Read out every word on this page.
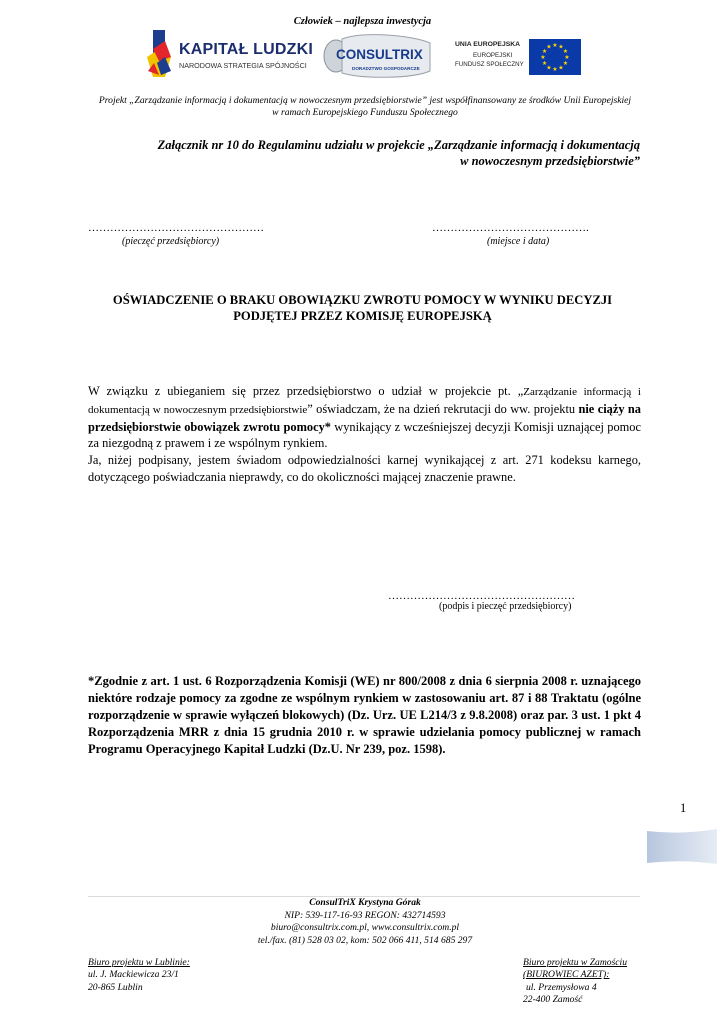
Człowiek – najlepsza inwestycja
KAPITAŁ LUDZKI
NARODOWA STRATEGIA SPÓJNOŚCI
CONSULTRIX
DORADZTWO GOSPODARCZE
UNIA EUROPEJSKA
EUROPEJSKI
FUNDUSZ SPOŁECZNY
★ ★
★
★
★
★
★
★
★
★
★
★
Projekt „Zarządzanie informacją i dokumentacją w nowoczesnym przedsiębiorstwie” jest współfinansowany ze środków Unii Europejskiej w ramach Europejskiego Funduszu Społecznego
Załącznik nr 10 do Regulaminu udziału w projekcie „Zarządzanie informacją i dokumentacją w nowoczesnym przedsiębiorstwie”
…………………………………………
(pieczęć przedsiębiorcy)
…………………………………….
(miejsce i data)
OŚWIADCZENIE O BRAKU OBOWIĄZKU ZWROTU POMOCY W WYNIKU DECYZJI PODJĘTEJ PRZEZ KOMISJĘ EUROPEJSKĄ

W związku z ubieganiem się przez przedsiębiorstwo o udział w projekcie pt. „Zarządzanie informacją i dokumentacją w nowoczesnym przedsiębiorstwie” oświadczam, że na dzień rekrutacji do ww. projektu nie ciąży na przedsiębiorstwie obowiązek zwrotu pomocy* wynikający z wcześniejszej decyzji Komisji uznającej pomoc za niezgodną z prawem i ze wspólnym rynkiem.

Ja, niżej podpisany, jestem świadom odpowiedzialności karnej wynikającej z art. 271 kodeksu karnego, dotyczącego poświadczania nieprawdy, co do okoliczności mającej znaczenie prawne.

……………………………………………
(podpis i pieczęć przedsiębiorcy)
*Zgodnie z art. 1 ust. 6 Rozporządzenia Komisji (WE) nr 800/2008 z dnia 6 sierpnia 2008 r. uznającego niektóre rodzaje pomocy za zgodne ze wspólnym rynkiem w zastosowaniu art. 87 i 88 Traktatu (ogólne rozporządzenie w sprawie wyłączeń blokowych) (Dz. Urz. UE L214/3 z 9.8.2008) oraz par. 3 ust. 1 pkt 4 Rozporządzenia MRR z dnia 15 grudnia 2010 r. w sprawie udzielania pomocy publicznej w ramach Programu Operacyjnego Kapitał Ludzki (Dz.U. Nr 239, poz. 1598).
1
ConsulTriX Krystyna Górak
NIP: 539-117-16-93 REGON: 432714593
biuro@consultrix.com.pl, www.consultrix.com.pl
tel./fax. (81) 528 03 02, kom: 502 066 411, 514 685 297
Biuro projektu w Lublinie:
ul. J. Mackiewicza 23/1
20-865 Lublin
Biuro projektu w Zamościu
(BIUROWIEC AZET):
ul. Przemysłowa 4
22-400 Zamość
